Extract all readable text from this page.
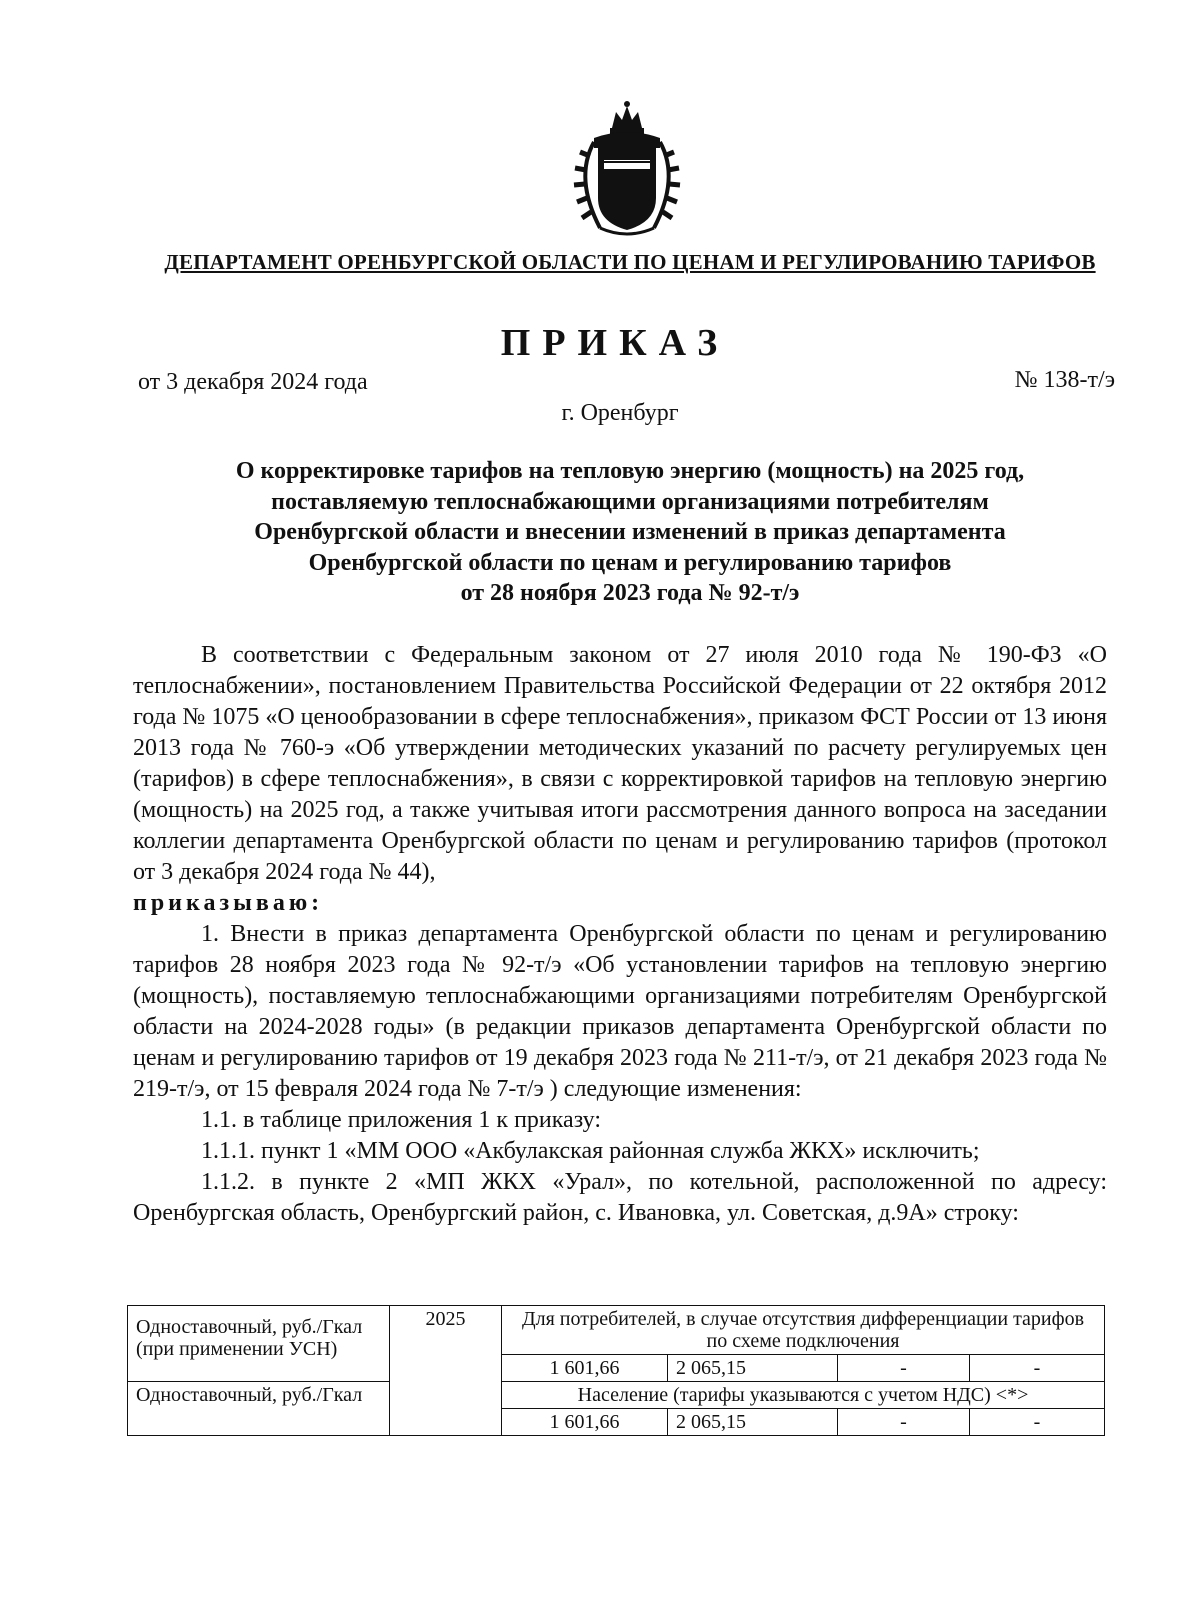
ДЕПАРТАМЕНТ ОРЕНБУРГСКОЙ ОБЛАСТИ ПО ЦЕНАМ И РЕГУЛИРОВАНИЮ ТАРИФОВ
ПРИКАЗ
от 3 декабря 2024 года	№ 138-т/э
г. Оренбург
О корректировке тарифов на тепловую энергию (мощность) на 2025 год,
поставляемую теплоснабжающими организациями потребителям
Оренбургской области и внесении изменений в приказ департамента
Оренбургской области по ценам и регулированию тарифов
от 28 ноября 2023 года № 92-т/э

В соответствии с Федеральным законом от 27 июля 2010 года № 190-ФЗ «О теплоснабжении», постановлением Правительства Российской Федерации от 22 октября 2012 года № 1075 «О ценообразовании в сфере теплоснабжения», приказом ФСТ России от 13 июня 2013 года № 760-э «Об утверждении методических указаний по расчету регулируемых цен (тарифов) в сфере теплоснабжения», в связи с корректировкой тарифов на тепловую энергию (мощность) на 2025 год, а также учитывая итоги рассмотрения данного вопроса на заседании коллегии департамента Оренбургской области по ценам и регулированию тарифов (протокол от 3 декабря 2024 года № 44),

приказываю:

1. Внести в приказ департамента Оренбургской области по ценам и регулированию тарифов 28 ноября 2023 года № 92-т/э «Об установлении тарифов на тепловую энергию (мощность), поставляемую теплоснабжающими организациями потребителям Оренбургской области на 2024-2028 годы» (в редакции приказов департамента Оренбургской области по ценам и регулированию тарифов от 19 декабря 2023 года № 211-т/э, от 21 декабря 2023 года № 219-т/э, от 15 февраля 2024 года № 7-т/э ) следующие изменения:

1.1. в таблице приложения 1 к приказу:

1.1.1. пункт 1 «ММ ООО «Акбулакская районная служба ЖКХ» исключить;

1.1.2. в пункте 2 «МП ЖКХ «Урал», по котельной, расположенной по адресу: Оренбургская область, Оренбургский район, с. Ивановка, ул. Советская, д.9А» строку:

Одноставочный, руб./Гкал (при применении УСН)	2025	Для потребителей, в случае отсутствия дифференциации тарифов по схеме подключения			
		1 601,66	2 065,15	-	-
Одноставочный, руб./Гкал		Население (тарифы указываются с учетом НДС) <*>			
		1 601,66	2 065,15	-	-
